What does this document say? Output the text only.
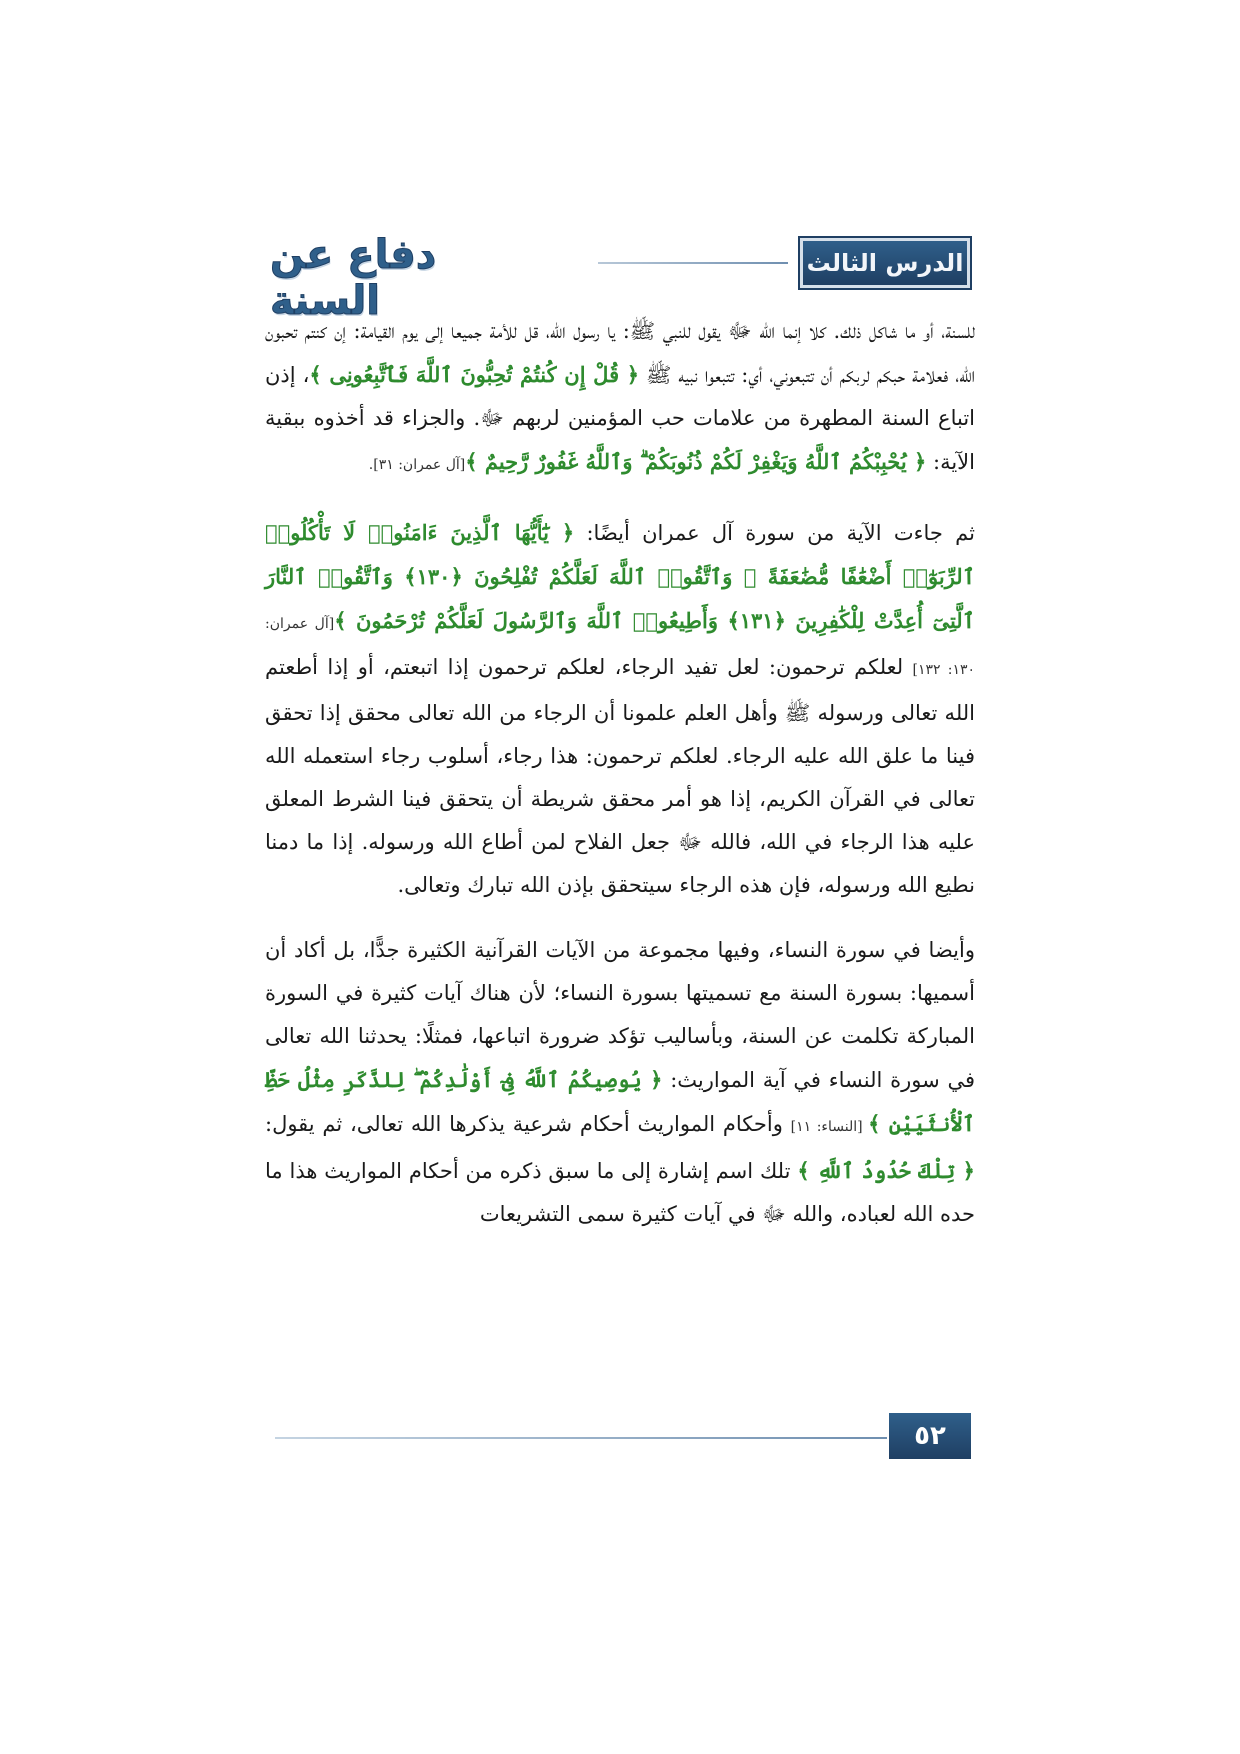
الدرس الثالث
دفاع عن السنة

للسنة، أو ما شاكل ذلك. كلا إنما الله ﷻ يقول للنبي ﷺ: يا رسول الله، قل للأمة جميعا إلى يوم القيامة: إن كنتم تحبون الله، فعلامة حبكم لربكم أن تتبعوني، أي: تتبعوا نبيه ﷺ ﴿ قُلْ إِن كُنتُمْ تُحِبُّونَ ٱللَّهَ فَٱتَّبِعُونِى ﴾، إذن اتباع السنة المطهرة من علامات حب المؤمنين لربهم ﷻ. والجزاء قد أخذوه ببقية الآية: ﴿ يُحْبِبْكُمُ ٱللَّهُ وَيَغْفِرْ لَكُمْ ذُنُوبَكُمْ ۗ وَٱللَّهُ غَفُورٌ رَّحِيمٌ ﴾[آل عمران: ٣١].

ثم جاءت الآية من سورة آل عمران أيضًا: ﴿ يَٰٓأَيُّهَا ٱلَّذِينَ ءَامَنُوا۟ لَا تَأْكُلُوا۟ ٱلرِّبَوٰٓا۟ أَضْعَٰفًا مُّضَٰعَفَةً ۖ وَٱتَّقُوا۟ ٱللَّهَ لَعَلَّكُمْ تُفْلِحُونَ ﴿١٣٠﴾ وَٱتَّقُوا۟ ٱلنَّارَ ٱلَّتِىٓ أُعِدَّتْ لِلْكَٰفِرِينَ ﴿١٣١﴾ وَأَطِيعُوا۟ ٱللَّهَ وَٱلرَّسُولَ لَعَلَّكُمْ تُرْحَمُونَ ﴾[آل عمران: ١٣٠: ١٣٢] لعلكم ترحمون: لعل تفيد الرجاء، لعلكم ترحمون إذا اتبعتم، أو إذا أطعتم الله تعالى ورسوله ﷺ وأهل العلم علمونا أن الرجاء من الله تعالى محقق إذا تحقق فينا ما علق الله عليه الرجاء. لعلكم ترحمون: هذا رجاء، أسلوب رجاء استعمله الله تعالى في القرآن الكريم، إذا هو أمر محقق شريطة أن يتحقق فينا الشرط المعلق عليه هذا الرجاء في الله، فالله ﷻ جعل الفلاح لمن أطاع الله ورسوله. إذا ما دمنا نطيع الله ورسوله، فإن هذه الرجاء سيتحقق بإذن الله تبارك وتعالى.

وأيضا في سورة النساء، وفيها مجموعة من الآيات القرآنية الكثيرة جدًّا، بل أكاد أن أسميها: بسورة السنة مع تسميتها بسورة النساء؛ لأن هناك آيات كثيرة في السورة المباركة تكلمت عن السنة، وبأساليب تؤكد ضرورة اتباعها، فمثلًا: يحدثنا الله تعالى في سورة النساء في آية المواريث: ﴿ يُوصِيكُمُ ٱللَّهُ فِىٓ أَوْلَٰدِكُمْ ۖ لِلذَّكَرِ مِثْلُ حَظِّ ٱلْأُنثَيَيْنِ ﴾ [النساء: ١١] وأحكام المواريث أحكام شرعية يذكرها الله تعالى، ثم يقول: ﴿ تِلْكَ حُدُودُ ٱللَّهِ ﴾ تلك اسم إشارة إلى ما سبق ذكره من أحكام المواريث هذا ما حده الله لعباده، والله ﷻ في آيات كثيرة سمى التشريعات

٥٢
